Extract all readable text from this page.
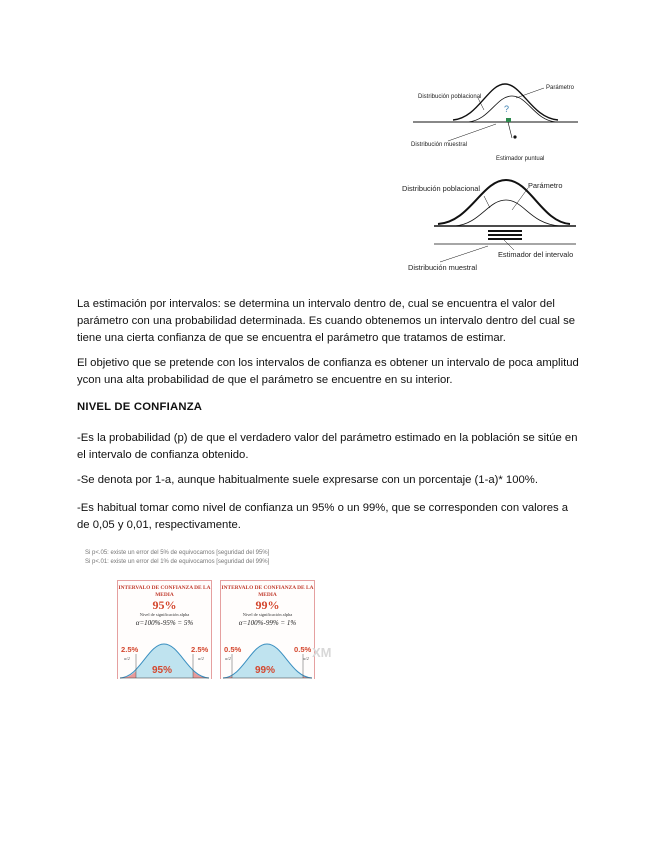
?
Distribución poblacional
Parámetro
Distribución muestral
Estimador puntual
Distribución poblacional	Parámetro
Estimador del intervalo
Distribución muestral

La estimación por intervalos: se determina un intervalo dentro de, cual se encuentra el valor del parámetro con una probabilidad determinada. Es cuando obtenemos un intervalo dentro del cual se tiene una cierta confianza de que se encuentra el parámetro que tratamos de estimar.

El objetivo que se pretende con los intervalos de confianza es obtener un intervalo de poca amplitud ycon una alta probabilidad de que el parámetro se encuentre en su interior.

NIVEL DE CONFIANZA

-Es la probabilidad (p) de que el verdadero valor del parámetro estimado en la población se sitúe en el intervalo de confianza obtenido.

-Se denota por 1-a, aunque habitualmente suele expresarse con un porcentaje (1-a)* 100%.

-Es habitual tomar como nivel de confianza un 95% o un 99%, que se corresponden con valores a de 0,05 y 0,01, respectivamente.

Si p<.05: existe un error del 5% de equivocarnos [seguridad del 95%]
Si p<.01: existe un error del 1% de equivocarnos [seguridad del 99%]
INTERVALO DE CONFIANZA DE LA MEDIA
95%
Nivel de significación alpha
α=100%-95% = 5%
2.5%	2.5%
α/2	α/2
95%
INTERVALO DE CONFIANZA DE LA MEDIA
99%
Nivel de significación alpha
α=100%-99% = 1%
0.5%	0.5%
α/2	α/2
99%
XM
